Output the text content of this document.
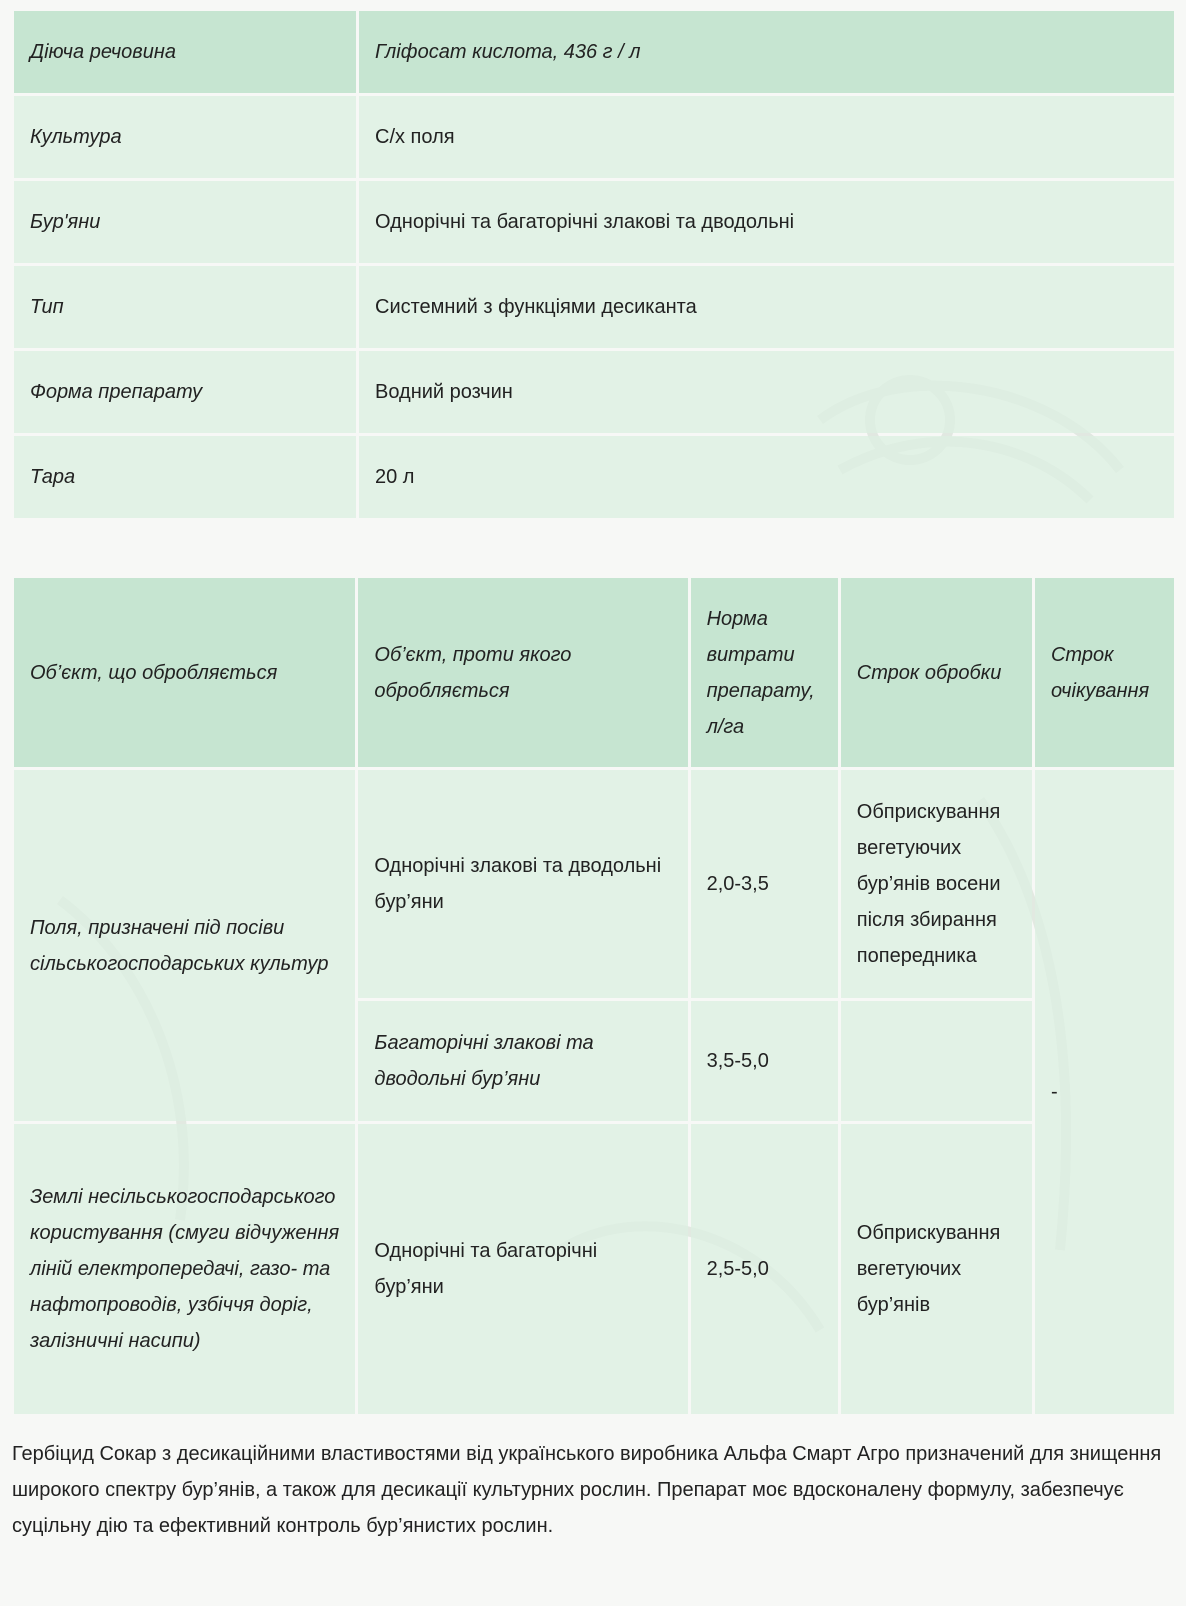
Діюча речовина	Гліфосат кислота, 436 г / л
Культура	С/х поля
Бур'яни	Однорічні та багаторічні злакові та дводольні
Тип	Системний з функціями десиканта
Форма препарату	Водний розчин
Тара	20 л
Об’єкт, що обробляється	Об’єкт, проти якого обробляється	Норма витрати препарату, л/га	Строк обробки	Строк очікування
Поля, призначені під посіви сільськогосподарських культур	Однорічні злакові та дводольні бур’яни	2,0-3,5	Обприскування вегетуючих бур’янів восени після збирання попередника	-
	Багаторічні злакові та дводольні бур’яни	3,5-5,0		
Землі несільськогосподарського користування (смуги відчуження ліній електропередачі, газо- та нафтопроводів, узбіччя доріг, залізничні насипи)	Однорічні та багаторічні бур’яни	2,5-5,0	Обприскування вегетуючих бур’янів	

Гербіцид Сокар з десикаційними властивостями від українського виробника Альфа Смарт Агро призначений для знищення широкого спектру бур’янів, а також для десикації культурних рослин. Препарат моє вдосконалену формулу, забезпечує суцільну дію та ефективний контроль бур’янистих рослин.
